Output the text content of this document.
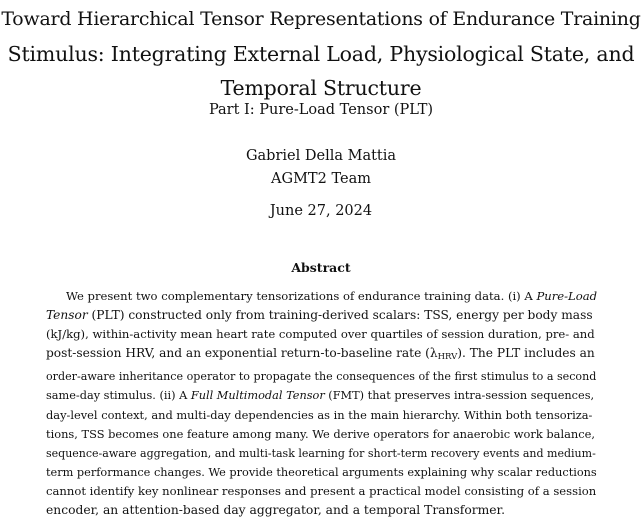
Toward Hierarchical Tensor Representations of Endurance Training
Stimulus: Integrating External Load, Physiological State, and
Temporal Structure
Part I: Pure-Load Tensor (PLT)
Gabriel Della Mattia
AGMT2 Team
June 27, 2024
Abstract
We present two complementary tensorizations of endurance training data. (i) A Pure-Load
Tensor (PLT) constructed only from training-derived scalars: TSS, energy per body mass
(kJ/kg), within-activity mean heart rate computed over quartiles of session duration, pre- and
post-session HRV, and an exponential return-to-baseline rate $(\lambda_{HRV})$. The PLT includes an
order-aware inheritance operator to propagate the consequences of the first stimulus to a second
same-day stimulus. (ii) A Full Multimodal Tensor (FMT) that preserves intra-session sequences,
day-level context, and multi-day dependencies as in the main hierarchy. Within both tensoriza-
tions, TSS becomes one feature among many. We derive operators for anaerobic work balance,
sequence-aware aggregation, and multi-task learning for short-term recovery events and medium-
term performance changes. We provide theoretical arguments explaining why scalar reductions
cannot identify key nonlinear responses and present a practical model consisting of a session
encoder, an attention-based day aggregator, and a temporal Transformer.
